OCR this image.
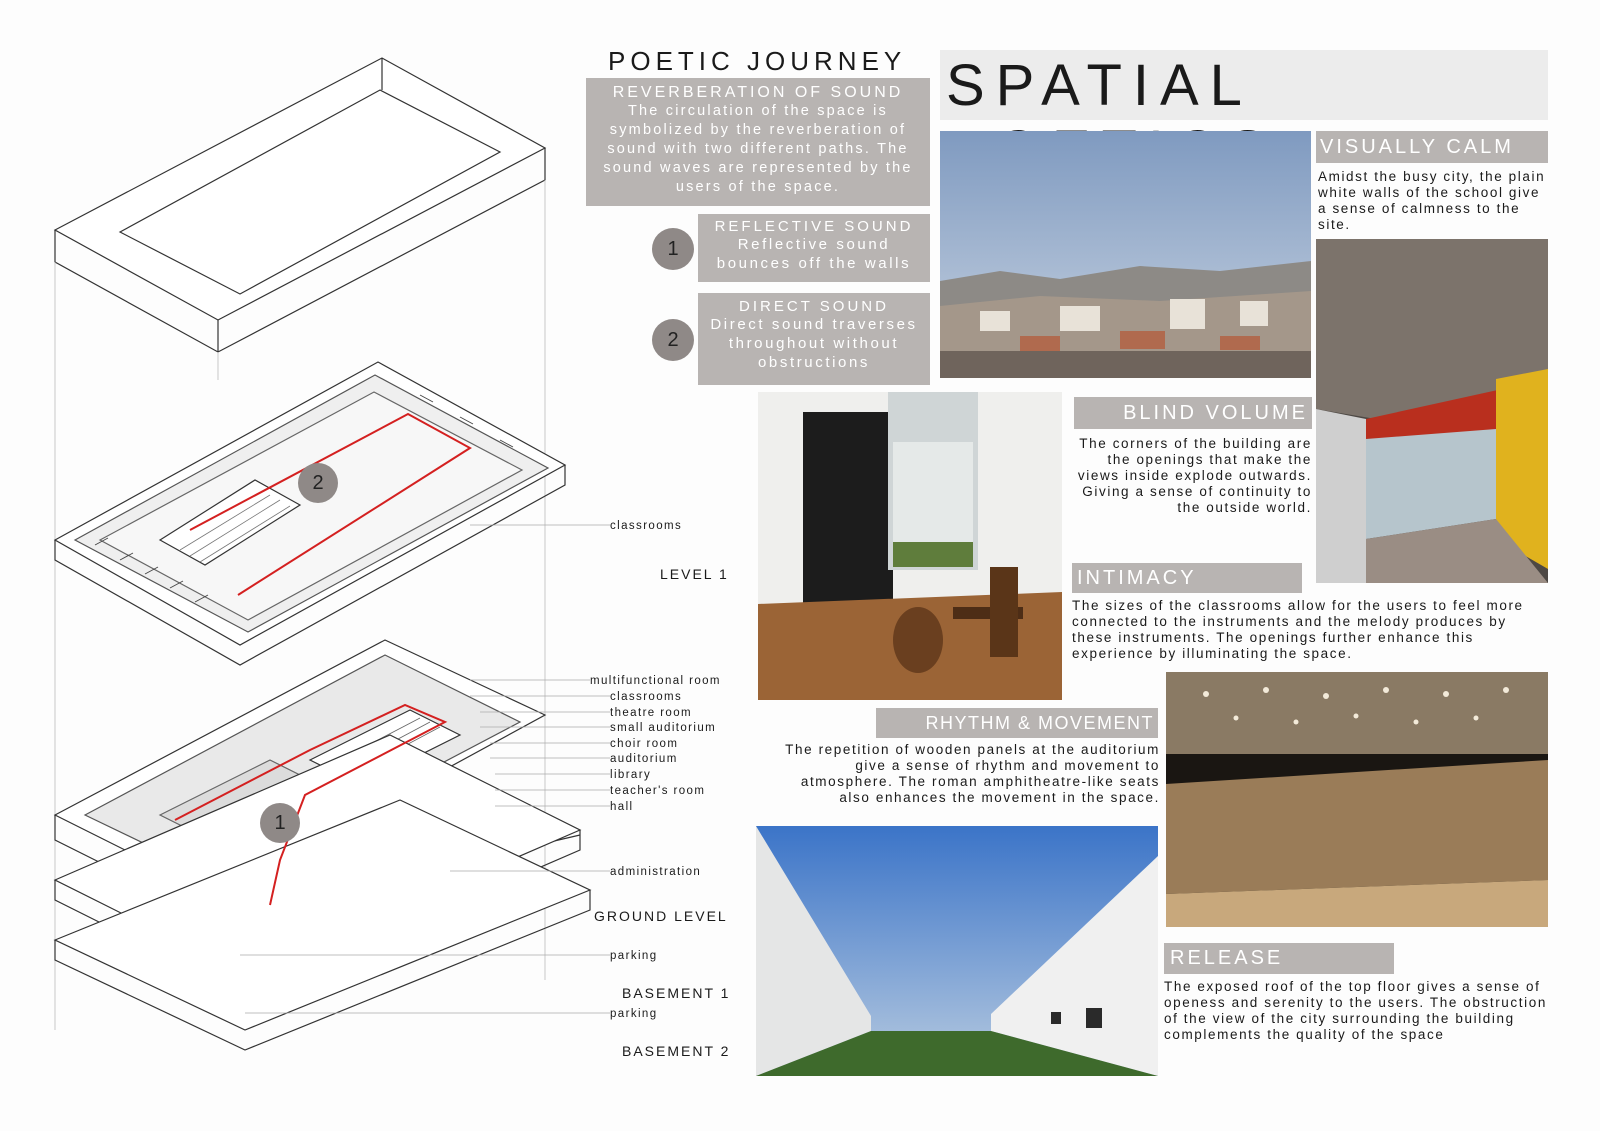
2
1
classrooms
LEVEL 1
multifunctional room
classrooms
theatre room
small auditorium
choir room
auditorium
library
teacher's room
hall
administration
GROUND LEVEL
parking
BASEMENT 1
parking
BASEMENT 2
POETIC JOURNEY
REVERBERATION OF SOUND
The circulation of the space is symbolized by the reverberation of sound with two different paths. The sound waves are represented by the users of the space.
1
REFLECTIVE SOUND
Reflective sound bounces off the walls
2
DIRECT SOUND
Direct sound traverses throughout without obstructions
SPATIAL
VISUALLY CALM
Amidst the busy city, the plain white walls of the school give a sense of calmness to the site.
BLIND VOLUME
The corners of the building are the openings that make the views inside explode outwards. Giving a sense of continuity to the outside world.
INTIMACY
The sizes of the classrooms allow for the users to feel more connected to the instruments and the melody produces by these instruments. The openings further enhance this experience by illuminating the space.
RHYTHM & MOVEMENT
The repetition of wooden panels at the auditorium give a sense of rhythm and movement to atmosphere. The roman amphitheatre-like seats also enhances the movement in the space.
RELEASE
The exposed roof of the top floor gives a sense of openess and serenity to the users. The obstruction of the view of the city surrounding the building complements the quality of the space
